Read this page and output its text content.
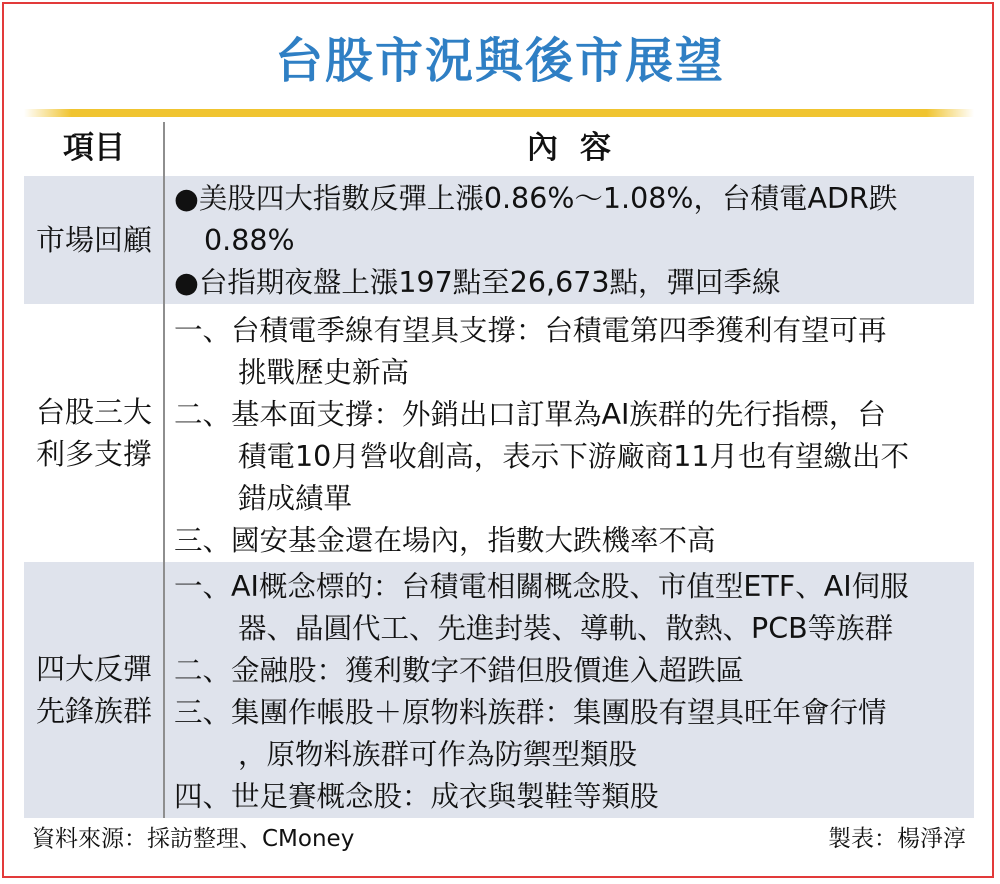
台股市況與後市展望
項目	內容
市場回顧
●美股四大指數反彈上漲0.86%～1.08%，台積電ADR跌
0.88%
●台指期夜盤上漲197點至26,673點，彈回季線
台股三大
利多支撐
一、台積電季線有望具支撐：台積電第四季獲利有望可再
挑戰歷史新高
二、基本面支撐：外銷出口訂單為AI族群的先行指標，台
積電10月營收創高，表示下游廠商11月也有望繳出不
錯成績單
三、國安基金還在場內，指數大跌機率不高
四大反彈
先鋒族群
一、AI概念標的：台積電相關概念股、市值型ETF、AI伺服
器、晶圓代工、先進封裝、導軌、散熱、PCB等族群
二、金融股：獲利數字不錯但股價進入超跌區
三、集團作帳股＋原物料族群：集團股有望具旺年會行情
，原物料族群可作為防禦型類股
四、世足賽概念股：成衣與製鞋等類股
資料來源：採訪整理、CMoney	製表：楊淨淳
